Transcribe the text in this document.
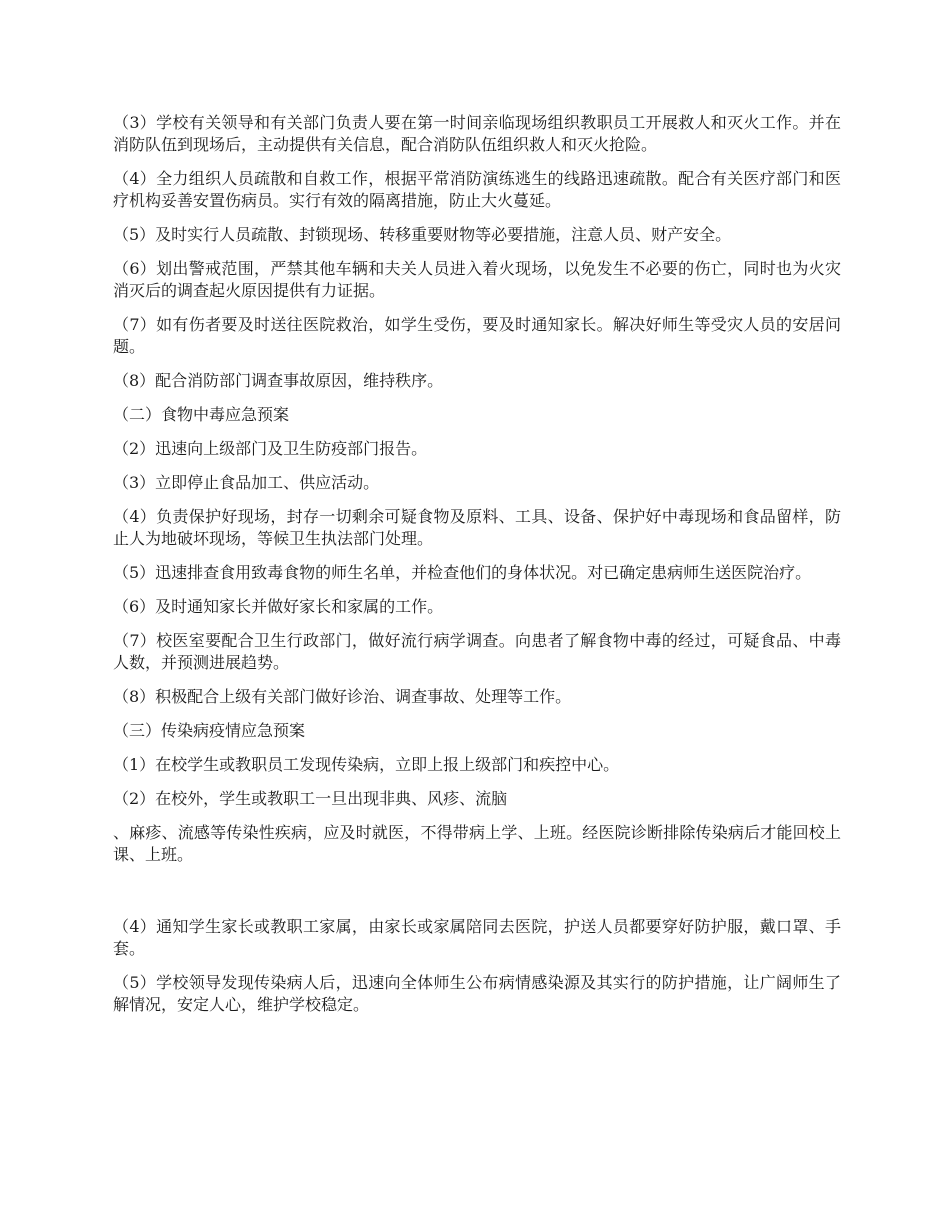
（3）学校有关领导和有关部门负责人要在第一时间亲临现场组织教职员工开展救人和灭火工作。并在消防队伍到现场后，主动提供有关信息，配合消防队伍组织救人和灭火抢险。

（4）全力组织人员疏散和自救工作，根据平常消防演练逃生的线路迅速疏散。配合有关医疗部门和医疗机构妥善安置伤病员。实行有效的隔离措施，防止大火蔓延。

（5）及时实行人员疏散、封锁现场、转移重要财物等必要措施，注意人员、财产安全。

（6）划出警戒范围，严禁其他车辆和夫关人员进入着火现场，以免发生不必要的伤亡，同时也为火灾消灭后的调查起火原因提供有力证据。

（7）如有伤者要及时送往医院救治，如学生受伤，要及时通知家长。解决好师生等受灾人员的安居问题。

（8）配合消防部门调查事故原因，维持秩序。

（二）食物中毒应急预案

（2）迅速向上级部门及卫生防疫部门报告。

（3）立即停止食品加工、供应活动。

（4）负责保护好现场，封存一切剩余可疑食物及原料、工具、设备、保护好中毒现场和食品留样，防止人为地破坏现场，等候卫生执法部门处理。

（5）迅速排查食用致毒食物的师生名单，并检查他们的身体状况。对已确定患病师生送医院治疗。

（6）及时通知家长并做好家长和家属的工作。

（7）校医室要配合卫生行政部门，做好流行病学调查。向患者了解食物中毒的经过，可疑食品、中毒人数，并预测进展趋势。

（8）积极配合上级有关部门做好诊治、调查事故、处理等工作。

（三）传染病疫情应急预案

（1）在校学生或教职员工发现传染病，立即上报上级部门和疾控中心。

（2）在校外，学生或教职工一旦出现非典、风疹、流脑

、麻疹、流感等传染性疾病，应及时就医，不得带病上学、上班。经医院诊断排除传染病后才能回校上课、上班。

（4）通知学生家长或教职工家属，由家长或家属陪同去医院，护送人员都要穿好防护服，戴口罩、手套。

（5）学校领导发现传染病人后，迅速向全体师生公布病情感染源及其实行的防护措施，让广阔师生了解情况，安定人心，维护学校稳定。
